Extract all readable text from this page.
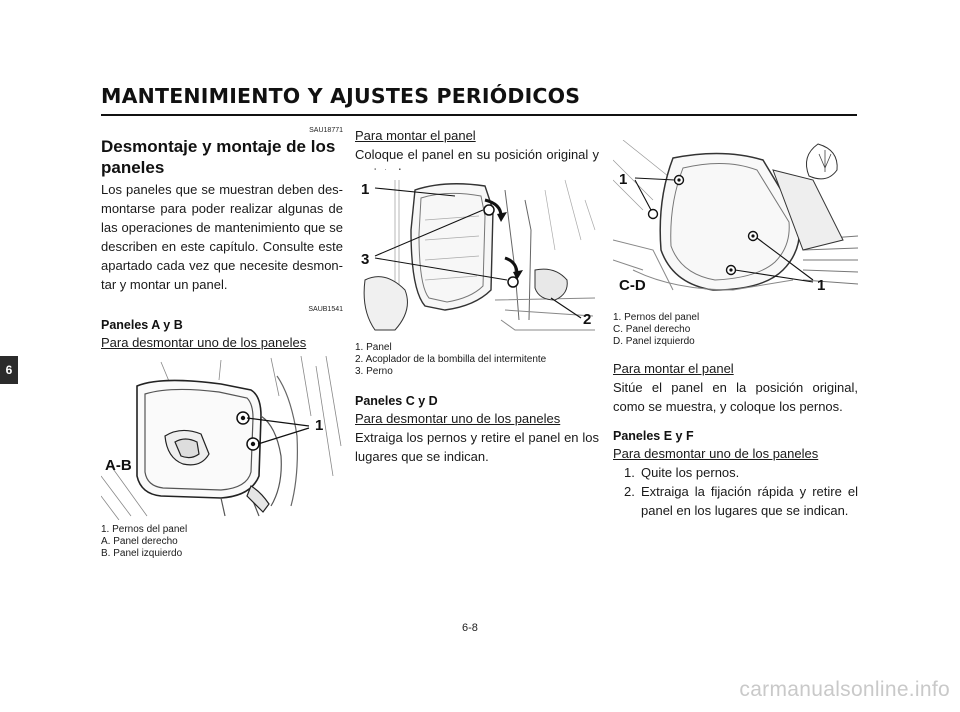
MANTENIMIENTO Y AJUSTES PERIÓDICOS
6

SAU18771

Desmontaje y montaje de los
paneles

Los paneles que se muestran deben des-montarse para poder realizar algunas de las operaciones de mantenimiento que se describen en este capítulo. Consulte este apartado cada vez que necesite desmon-tar y montar un panel.

SAUB1541

Paneles A y B

Para desmontar uno de los paneles

1
A-B

1. Pernos del panel

A. Panel derecho

B. Panel izquierdo

Para montar el panel

Coloque el panel en su posición original y

1
3
2

1. Panel

2. Acoplador de la bombilla del intermitente

3. Perno

Paneles C y D

Para desmontar uno de los paneles

Extraiga los pernos y retire el panel en los lugares que se indican.

1
1
C-D

1. Pernos del panel

C. Panel derecho

D. Panel izquierdo

Para montar el panel

Sitúe el panel en la posición original, como se muestra, y coloque los pernos.

Paneles E y F

Para desmontar uno de los paneles

1. Quite los pernos.
2. Extraiga la fijación rápida y retire el panel en los lugares que se indican.
6-8
carmanualsonline.info
